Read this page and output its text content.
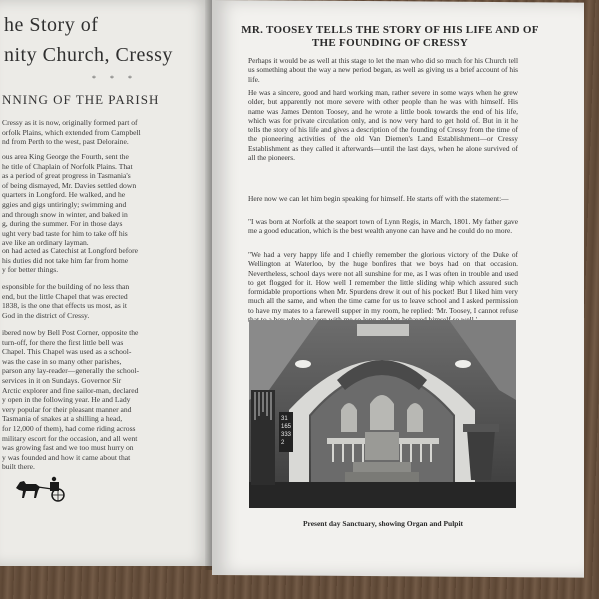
he Story of
nity Church, Cressy
* * *
NNING OF THE PARISH

Cressy as it is now, originally formed part of
orfolk Plains, which extended from Campbell
nd from Perth to the west, past Deloraine.

ous area King George the Fourth, sent the
he title of Chaplain of Norfolk Plains. That
as a period of great progress in Tasmania's
of being dismayed, Mr. Davies settled down
quarters in Longford. He walked, and he
ggies and gigs untiringly; swimming and
and through snow in winter, and baked in
g, during the summer. For in those days
ught very bad taste for him to take off his
ave like an ordinary layman.

on had acted as Catechist at Longford before
his duties did not take him far from home
y for better things.

esponsible for the building of no less than
end, but the little Chapel that was erected
1838, is the one that effects us most, as it
God in the district of Cressy.

ibered now by Bell Post Corner, opposite the
turn-off, for there the first little bell was
Chapel. This Chapel was used as a school-
was the case in so many other parishes,
parson any lay-reader—generally the school-
services in it on Sundays. Governor Sir
Arctic explorer and fine sailor-man, declared
y open in the following year. He and Lady
very popular for their pleasant manner and
Tasmania of snakes at a shilling a head,
for 12,000 of them), had come riding across
military escort for the occasion, and all went
was growing fast and we too must hurry on
y was founded and how it came about that
built there.

MR. TOOSEY TELLS THE STORY OF HIS LIFE AND OF THE FOUNDING OF CRESSY

Perhaps it would be as well at this stage to let the man who did so much for his Church tell us something about the way a new period began, as well as giving us a brief account of his life.

He was a sincere, good and hard working man, rather severe in some ways when he grew older, but apparently not more severe with other people than he was with himself. His name was James Denton Toosey, and he wrote a little book towards the end of his life, which was for private circulation only, and is now very hard to get hold of. But in it he tells the story of his life and gives a description of the founding of Cressy from the time of the pioneering activities of the old Van Diemen's Land Establishment—or Cressy Establishment as they called it afterwards—until the last days, when he alone survived of all the pioneers.

Here now we can let him begin speaking for himself. He starts off with the statement:—

"I was born at Norfolk at the seaport town of Lynn Regis, in March, 1801. My father gave me a good education, which is the best wealth anyone can have and he could do no more.

"We had a very happy life and I chiefly remember the glorious victory of the Duke of Wellington at Waterloo, by the huge bonfires that we boys had on that occasion. Nevertheless, school days were not all sunshine for me, as I was often in trouble and used to get flogged for it. How well I remember the little sliding whip which assured such formidable proportions when Mr. Spurdens drew it out of his pocket! But I liked him very much all the same, and when the time came for us to leave school and I asked permission to have my mates to a farewell supper in my room, he replied: 'Mr. Toosey, I cannot refuse

31
165
333
2

Present day Sanctuary, showing Organ and Pulpit
